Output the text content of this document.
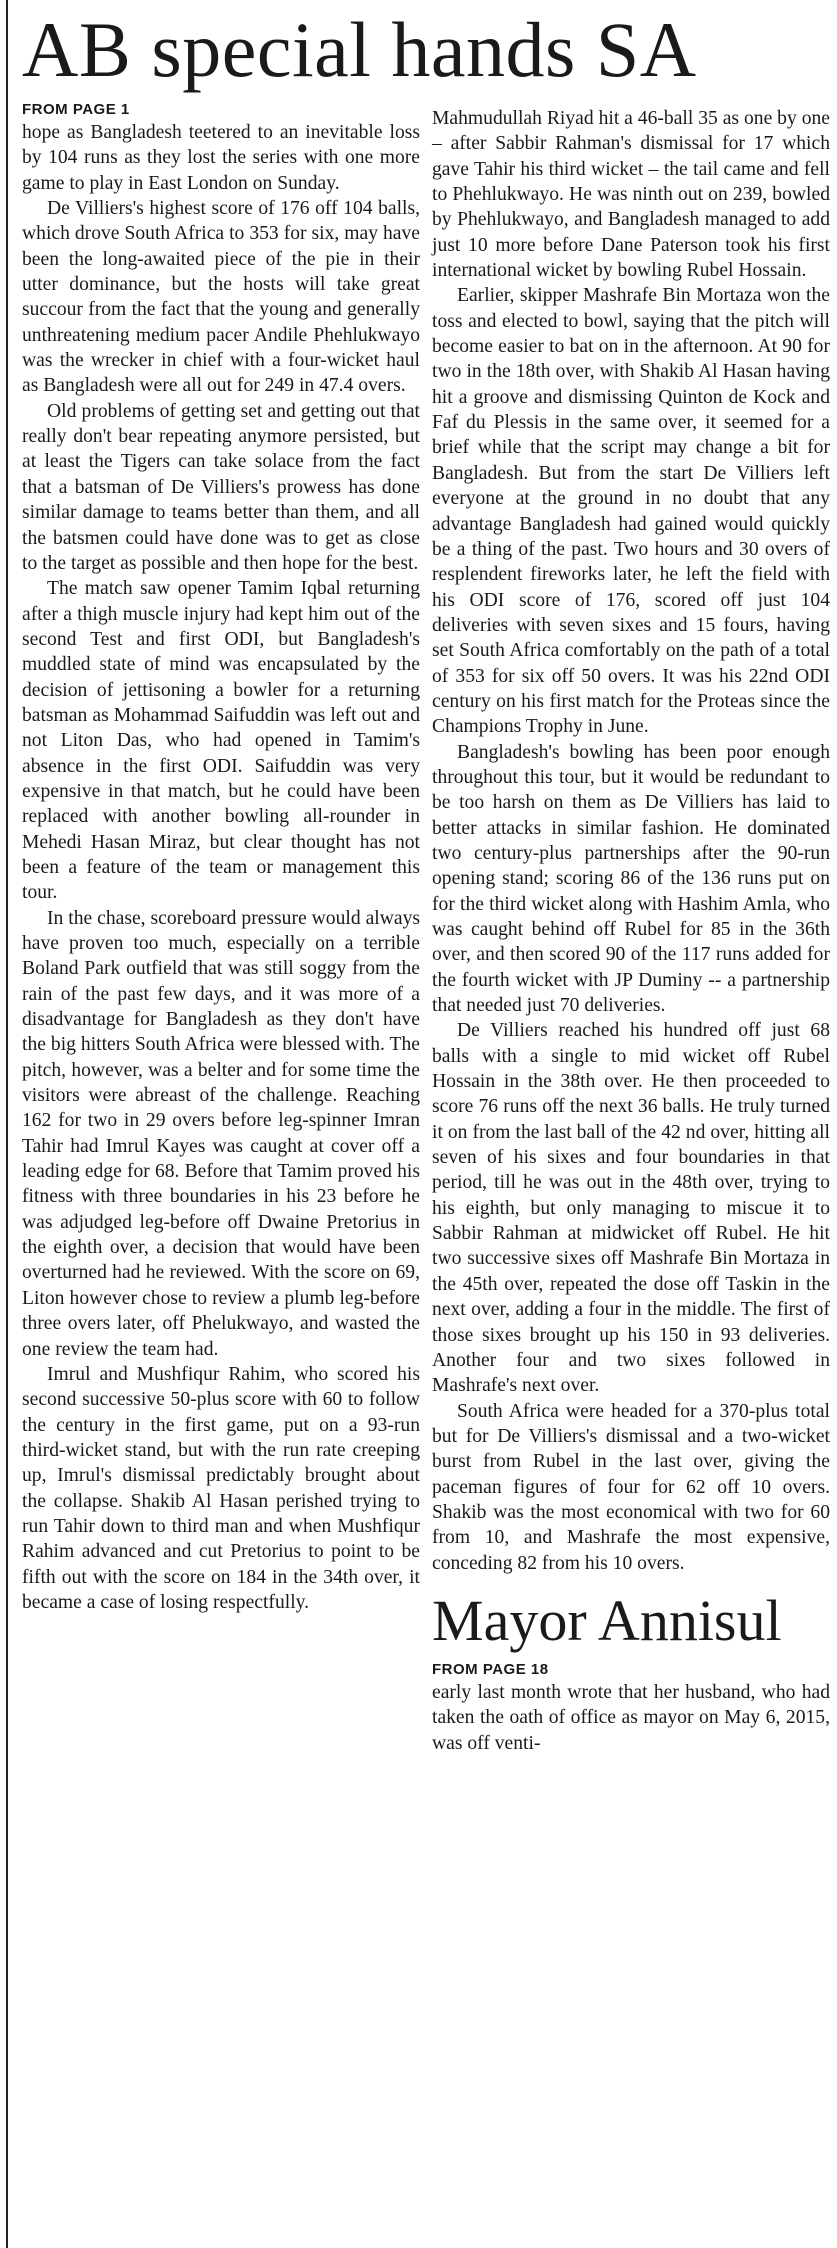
AB special hands SA
FROM PAGE 1

hope as Bangladesh teetered to an inevitable loss by 104 runs as they lost the series with one more game to play in East London on Sunday.

De Villiers's highest score of 176 off 104 balls, which drove South Africa to 353 for six, may have been the long-awaited piece of the pie in their utter dominance, but the hosts will take great succour from the fact that the young and generally unthreatening medium pacer Andile Phehlukwayo was the wrecker in chief with a four-wicket haul as Bangladesh were all out for 249 in 47.4 overs.

Old problems of getting set and getting out that really don't bear repeating anymore persisted, but at least the Tigers can take solace from the fact that a batsman of De Villiers's prowess has done similar damage to teams better than them, and all the batsmen could have done was to get as close to the target as possible and then hope for the best.

The match saw opener Tamim Iqbal returning after a thigh muscle injury had kept him out of the second Test and first ODI, but Bangladesh's muddled state of mind was encapsulated by the decision of jettisoning a bowler for a returning batsman as Mohammad Saifuddin was left out and not Liton Das, who had opened in Tamim's absence in the first ODI. Saifuddin was very expensive in that match, but he could have been replaced with another bowling all-rounder in Mehedi Hasan Miraz, but clear thought has not been a feature of the team or management this tour.

In the chase, scoreboard pressure would always have proven too much, especially on a terrible Boland Park outfield that was still soggy from the rain of the past few days, and it was more of a disadvantage for Bangladesh as they don't have the big hitters South Africa were blessed with. The pitch, however, was a belter and for some time the visitors were abreast of the challenge. Reaching 162 for two in 29 overs before leg-spinner Imran Tahir had Imrul Kayes was caught at cover off a leading edge for 68. Before that Tamim proved his fitness with three boundaries in his 23 before he was adjudged leg-before off Dwaine Pretorius in the eighth over, a decision that would have been overturned had he reviewed. With the score on 69, Liton however chose to review a plumb leg-before three overs later, off Phelukwayo, and wasted the one review the team had.

Imrul and Mushfiqur Rahim, who scored his second successive 50-plus score with 60 to follow the century in the first game, put on a 93-run third-wicket stand, but with the run rate creeping up, Imrul's dismissal predictably brought about the collapse. Shakib Al Hasan perished trying to run Tahir down to third man and when Mushfiqur Rahim advanced and cut Pretorius to point to be fifth out with the score on 184 in the 34th over, it became a case of losing respectfully.

Mahmudullah Riyad hit a 46-ball 35 as one by one – after Sabbir Rahman's dismissal for 17 which gave Tahir his third wicket – the tail came and fell to Phehlukwayo. He was ninth out on 239, bowled by Phehlukwayo, and Bangladesh managed to add just 10 more before Dane Paterson took his first international wicket by bowling Rubel Hossain.

Earlier, skipper Mashrafe Bin Mortaza won the toss and elected to bowl, saying that the pitch will become easier to bat on in the afternoon. At 90 for two in the 18th over, with Shakib Al Hasan having hit a groove and dismissing Quinton de Kock and Faf du Plessis in the same over, it seemed for a brief while that the script may change a bit for Bangladesh. But from the start De Villiers left everyone at the ground in no doubt that any advantage Bangladesh had gained would quickly be a thing of the past. Two hours and 30 overs of resplendent fireworks later, he left the field with his ODI score of 176, scored off just 104 deliveries with seven sixes and 15 fours, having set South Africa comfortably on the path of a total of 353 for six off 50 overs. It was his 22nd ODI century on his first match for the Proteas since the Champions Trophy in June.

Bangladesh's bowling has been poor enough throughout this tour, but it would be redundant to be too harsh on them as De Villiers has laid to better attacks in similar fashion. He dominated two century-plus partnerships after the 90-run opening stand; scoring 86 of the 136 runs put on for the third wicket along with Hashim Amla, who was caught behind off Rubel for 85 in the 36th over, and then scored 90 of the 117 runs added for the fourth wicket with JP Duminy -- a partnership that needed just 70 deliveries.

De Villiers reached his hundred off just 68 balls with a single to mid wicket off Rubel Hossain in the 38th over. He then proceeded to score 76 runs off the next 36 balls. He truly turned it on from the last ball of the 42 nd over, hitting all seven of his sixes and four boundaries in that period, till he was out in the 48th over, trying to his eighth, but only managing to miscue it to Sabbir Rahman at midwicket off Rubel. He hit two successive sixes off Mashrafe Bin Mortaza in the 45th over, repeated the dose off Taskin in the next over, adding a four in the middle. The first of those sixes brought up his 150 in 93 deliveries. Another four and two sixes followed in Mashrafe's next over.

South Africa were headed for a 370-plus total but for De Villiers's dismissal and a two-wicket burst from Rubel in the last over, giving the paceman figures of four for 62 off 10 overs. Shakib was the most economical with two for 60 from 10, and Mashrafe the most expensive, conceding 82 from his 10 overs.

Mayor Annisul
FROM PAGE 18

early last month wrote that her husband, who had taken the oath of office as mayor on May 6, 2015, was off venti-
